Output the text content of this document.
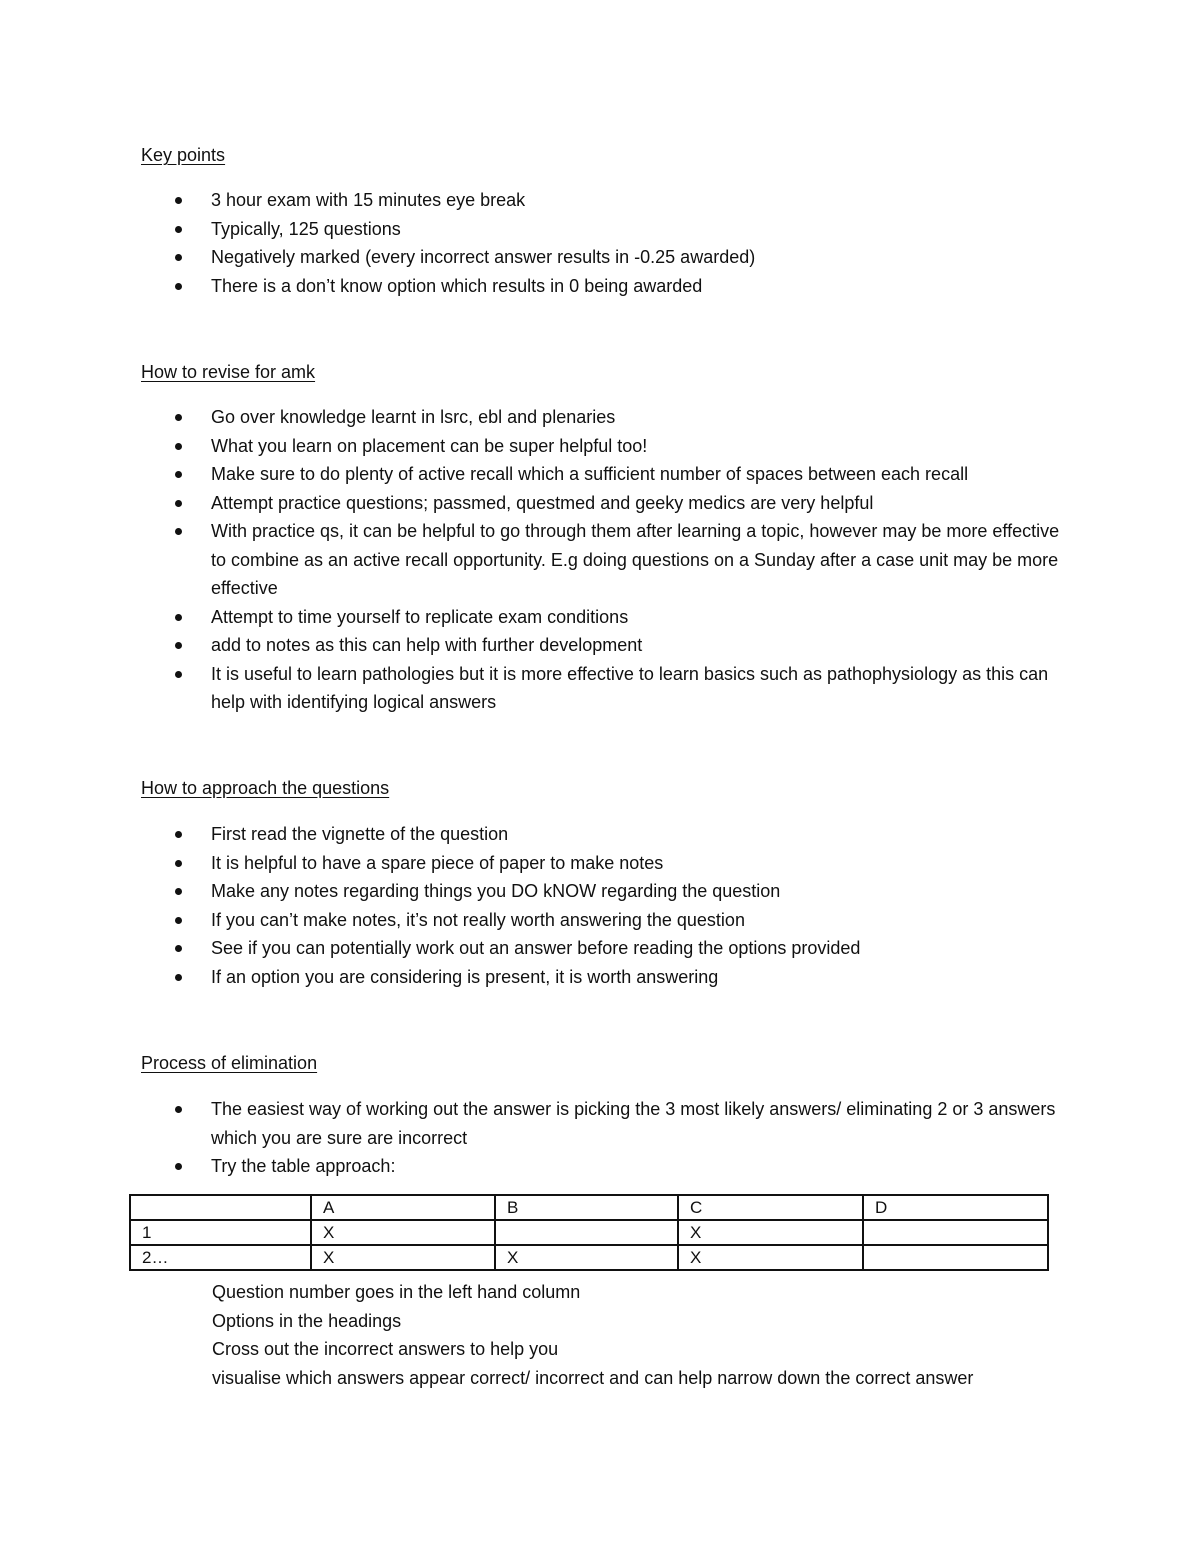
Key points
3 hour exam with 15 minutes eye break
Typically, 125 questions
Negatively marked (every incorrect answer results in -0.25 awarded)
There is a don’t know option which results in 0 being awarded
How to revise for amk
Go over knowledge learnt in lsrc, ebl and plenaries
What you learn on placement can be super helpful too!
Make sure to do plenty of active recall which a sufficient number of spaces between each recall
Attempt practice questions; passmed, questmed and geeky medics are very helpful
With practice qs, it can be helpful to go through them after learning a topic, however may be more effective to combine as an active recall opportunity. E.g doing questions on a Sunday after a case unit may be more effective
Attempt to time yourself to replicate exam conditions
add to notes as this can help with further development
It is useful to learn pathologies but it is more effective to learn basics such as pathophysiology as this can help with identifying logical answers
How to approach the questions
First read the vignette of the question
It is helpful to have a spare piece of paper to make notes
Make any notes regarding things you DO kNOW regarding the question
If you can’t make notes, it’s not really worth answering the question
See if you can potentially work out an answer before reading the options provided
If an option you are considering is present, it is worth answering
Process of elimination
The easiest way of working out the answer is picking the 3 most likely answers/ eliminating 2 or 3 answers which you are sure are incorrect
Try the table approach:
	A	B	C	D
1	X		X	
2…	X	X	X	

Question number goes in the left hand column

Options in the headings

Cross out the incorrect answers to help you

visualise which answers appear correct/ incorrect and can help narrow down the correct answer
